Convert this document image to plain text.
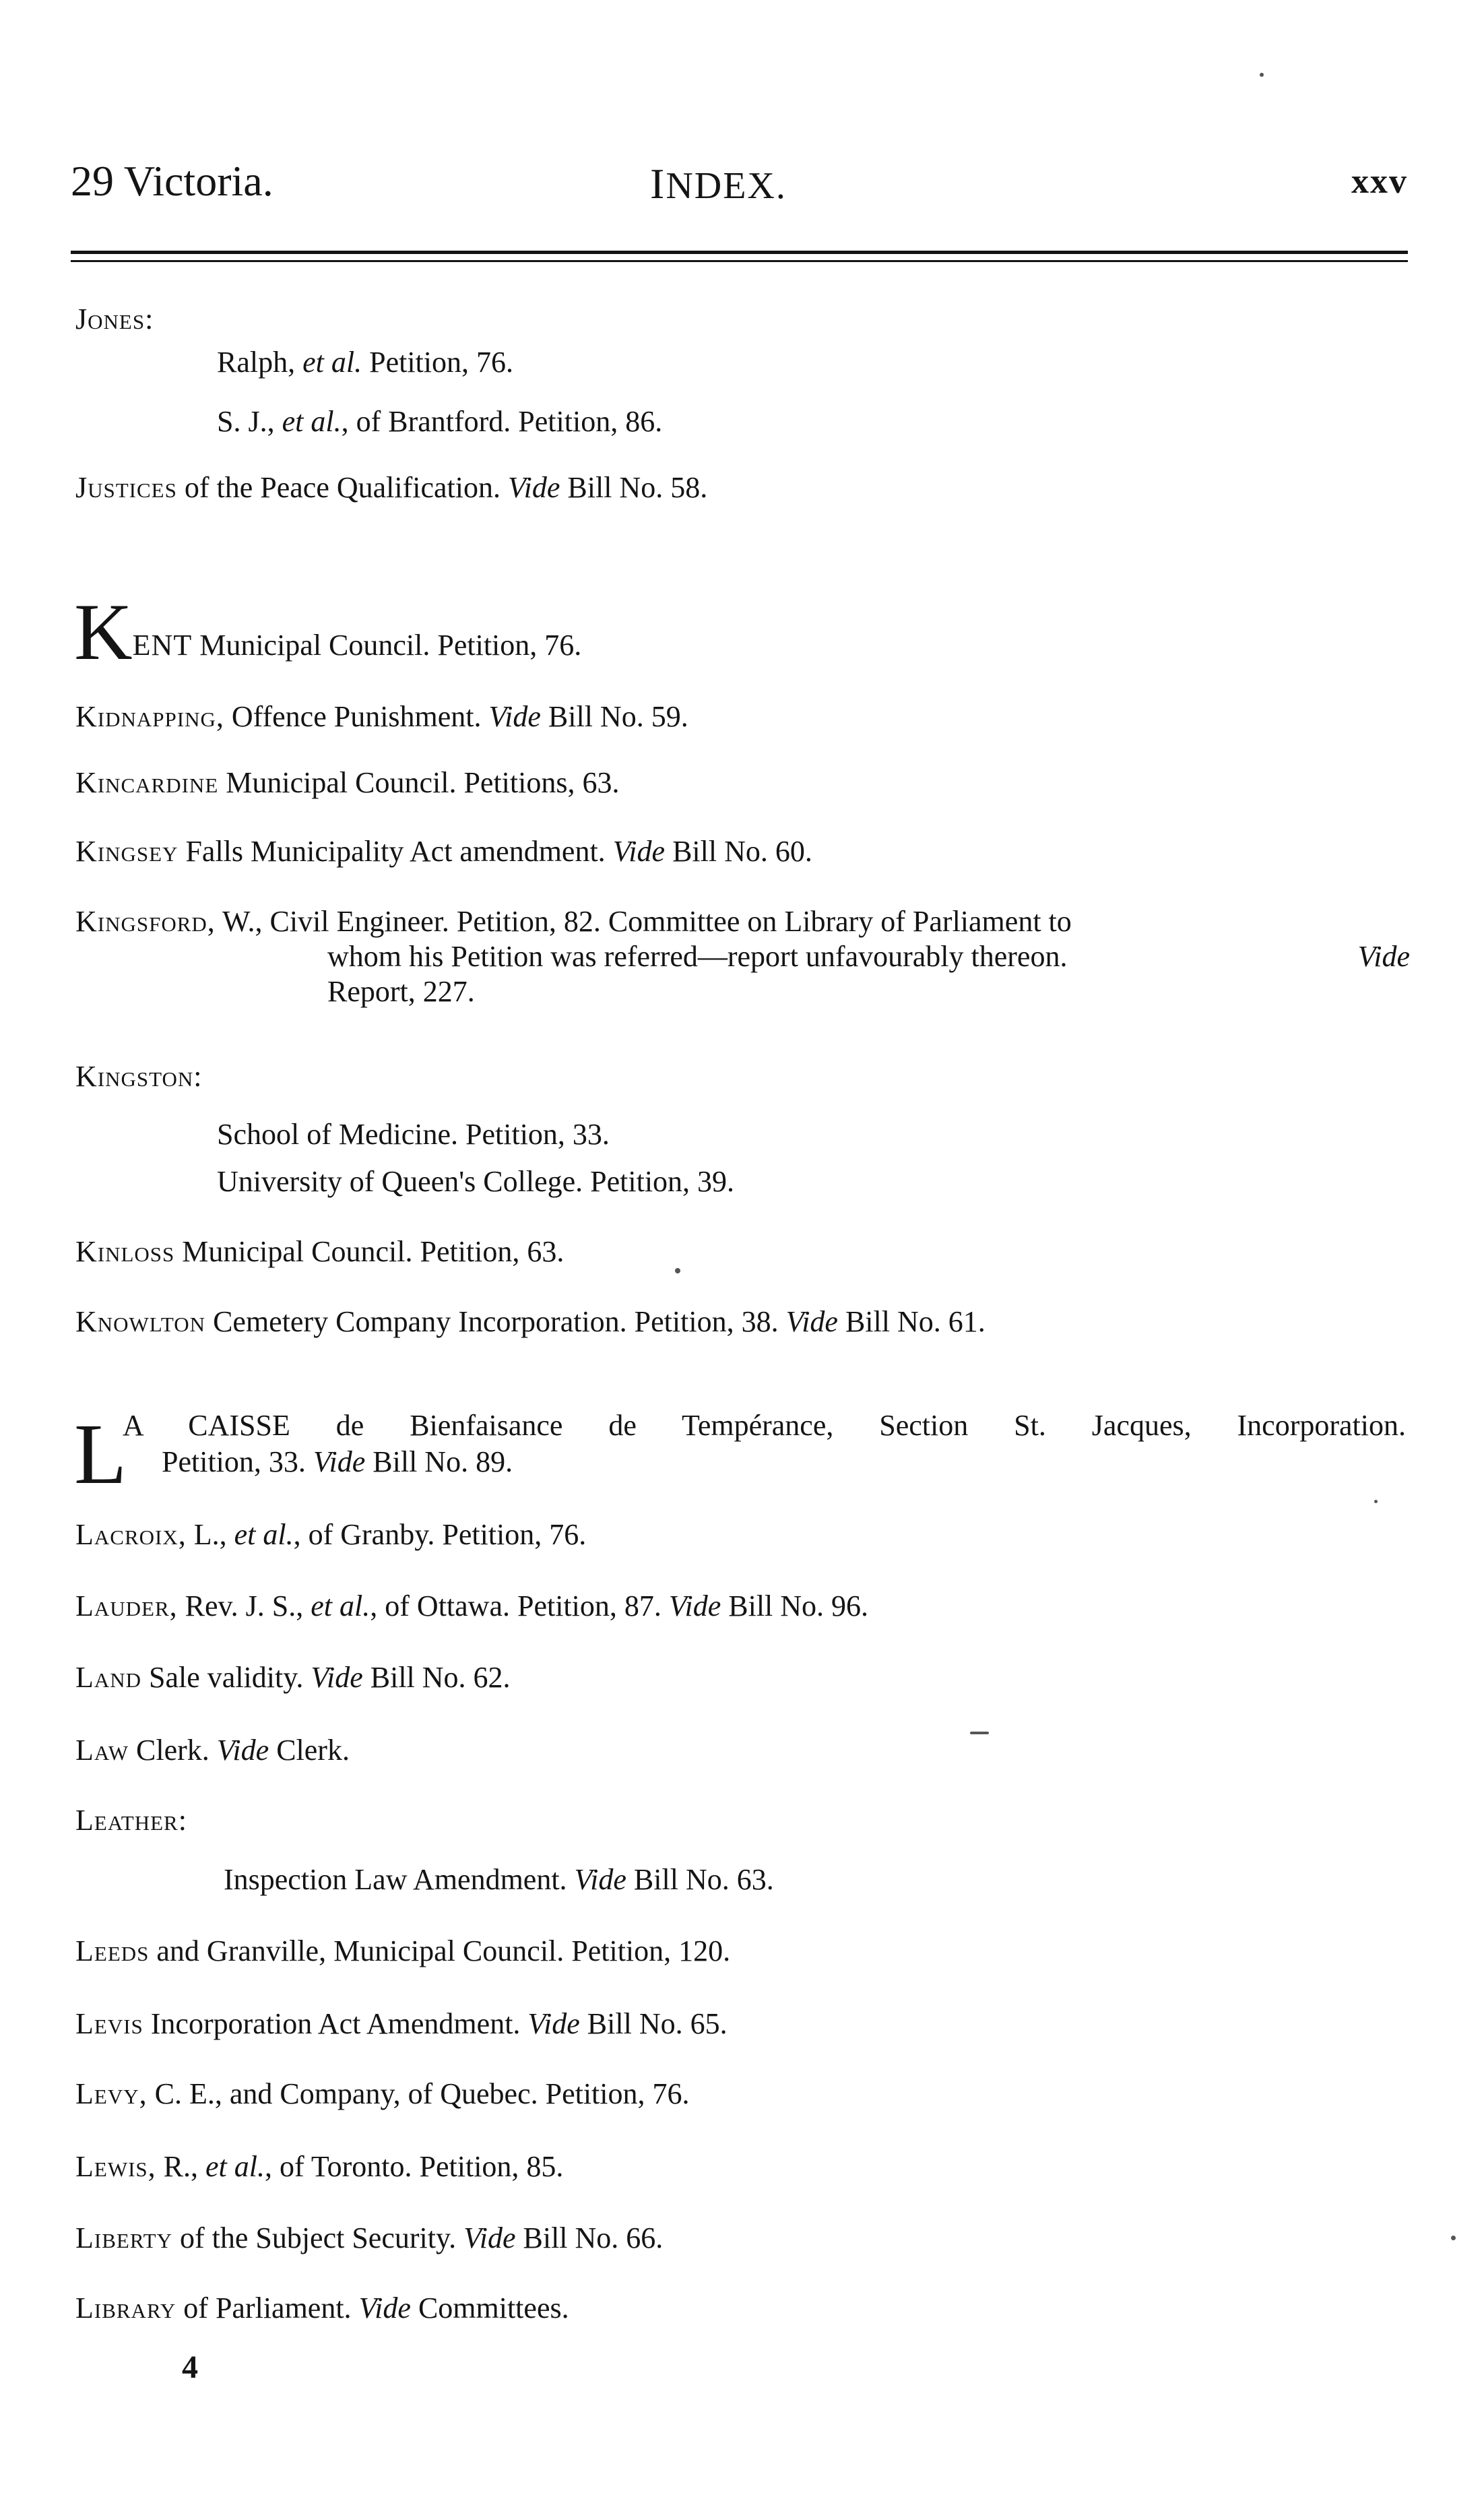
29 Victoria.	INDEX.	xxv
Jones:
Ralph, et al. Petition, 76.
S. J., et al., of Brantford. Petition, 86.
Justices of the Peace Qualification. Vide Bill No. 58.
KENT Municipal Council. Petition, 76.
Kidnapping, Offence Punishment. Vide Bill No. 59.
Kincardine Municipal Council. Petitions, 63.
Kingsey Falls Municipality Act amendment. Vide Bill No. 60.
Kingsford, W., Civil Engineer. Petition, 82. Committee on Library of Parliament to
whom his Petition was referred—report unfavourably thereon.	Vide
Report, 227.
Kingston:
School of Medicine. Petition, 33.
University of Queen's College. Petition, 39.
Kinloss Municipal Council. Petition, 63.
Knowlton Cemetery Company Incorporation. Petition, 38. Vide Bill No. 61.
L
A CAISSE de Bienfaisance de Tempérance, Section St. Jacques, Incorporation.
Petition, 33. Vide Bill No. 89.
Lacroix, L., et al., of Granby. Petition, 76.
Lauder, Rev. J. S., et al., of Ottawa. Petition, 87. Vide Bill No. 96.
Land Sale validity. Vide Bill No. 62.
Law Clerk. Vide Clerk.
Leather:
Inspection Law Amendment. Vide Bill No. 63.
Leeds and Granville, Municipal Council. Petition, 120.
Levis Incorporation Act Amendment. Vide Bill No. 65.
Levy, C. E., and Company, of Quebec. Petition, 76.
Lewis, R., et al., of Toronto. Petition, 85.
Liberty of the Subject Security. Vide Bill No. 66.
Library of Parliament. Vide Committees.
4
